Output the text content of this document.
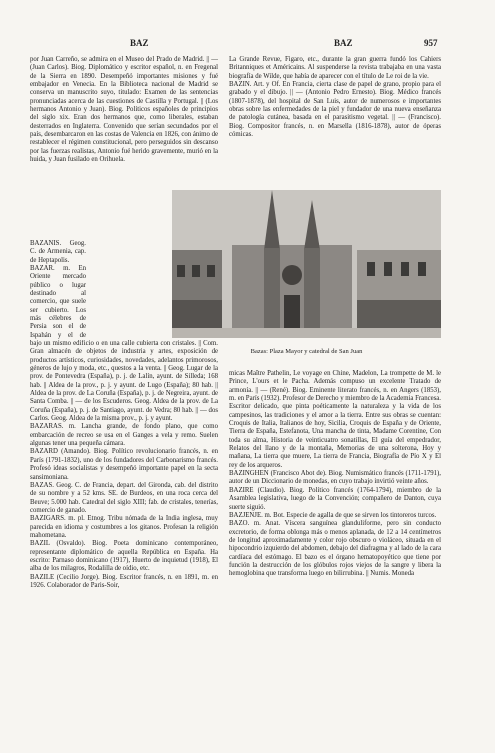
BAZ	BAZ	957

por Juan Carreño, se admira en el Museo del Prado de Madrid. || — (Juan Carlos). Biog. Diplomático y escritor español, n. en Fregenal de la Sierra en 1890. Desempeñó importantes misiones y fué embajador en Venecia. En la Biblioteca nacional de Madrid se conserva un manuscrito suyo, titulado: Examen de las sentencias pronunciadas acerca de las cuestiones de Castilla y Portugal. || (Los hermanos Antonio y Juan). Biog. Políticos españoles de principios del siglo xix. Eran dos hermanos que, como liberales, estaban desterrados en Inglaterra. Convenido que serían secundados por el país, desembarcaron en las costas de Valencia en 1826, con ánimo de restablecer el régimen constitucional, pero perseguidos sin descanso por las fuerzas realistas, Antonio fué herido gravemente, murió en la huida, y Juan fusilado en Orihuela.

La Grande Revue, Figaro, etc., durante la gran guerra fundó los Cahiers Britanniques et Américains. Al suspenderse la revista trabajaba en una vasta biografía de Wilde, que había de aparecer con el título de Le roi de la vie.

BAZIN. Art. y Of. En Francia, cierta clase de papel de grano, propio para el grabado y el dibujo. || — (Antonio Pedro Ernesto). Biog. Médico francés (1807-1878), del hospital de San Luis, autor de numerosos e importantes obras sobre las enfermedades de la piel y fundador de una nueva enseñanza de patología cutánea, basada en el parasitismo vegetal. || — (Francisco). Biog. Compositor francés, n. en Marsella (1816-1878), autor de óperas cómicas.

Bazas: Plaza Mayor y catedral de San Juan

BAZANIS. Geog. C. de Armenia, cap. de Heptapolis.

BAZAR. m. En Oriente mercado público o lugar destinado al comercio, que suele ser cubierto. Los más célebres de Persia son el de Ispahán y el de

bajo un mismo edificio o en una calle cubierta con cristales. || Com. Gran almacén de objetos de industria y artes, exposición de productos artísticos, curiosidades, novedades, adelantos primorosos, géneros de lujo y moda, etc., questos a la venta. || Geog. Lugar de la prov. de Pontevedra (España), p. j. de Lalín, ayunt. de Silleda; 168 hab. || Aldea de la prov., p. j. y ayunt. de Lugo (España); 80 hab. || Aldea de la prov. de La Coruña (España), p. j. de Negreira, ayunt. de Santa Comba. || — de los Escuderos. Geog. Aldea de la prov. de La Coruña (España), p. j. de Santiago, ayunt. de Vedra; 80 hab. || — dos Carlos. Geog. Aldea de la misma prov., p. j. y ayunt.

BAZARAS. m. Lancha grande, de fondo plano, que como embarcación de recreo se usa en el Ganges a vela y remo. Suelen algunas tener una pequeña cámara.

BAZARD (Amando). Biog. Político revolucionario francés, n. en París (1791-1832), uno de los fundadores del Carbonarismo francés. Profesó ideas socialistas y desempeñó importante papel en la secta sansimoniana.

BAZAS. Geog. C. de Francia, depart. del Gironda, cab. del distrito de su nombre y a 52 kms. SE. de Burdeos, en una roca cerca del Beuve; 5.000 hab. Catedral del siglo XIII; fab. de cristales, tenerías, comercio de ganado.

BAZIGARS. m. pl. Etnog. Tribu nómada de la India inglesa, muy parecida en idioma y costumbres a los gitanos. Profesan la religión mahometana.

BAZIL (Osvaldo). Biog. Poeta dominicano contemporáneo, representante diplomático de aquella República en España. Ha escrito: Parnaso dominicano (1917), Huerto de inquietud (1918), El alba de los milagros, Rodalilla de oídio, etc.

BAZILE (Cecilio Jorge). Biog. Escritor francés, n. en 1891, m. en 1926. Colaborador de Paris-Soir,

micas Maître Pathelin, Le voyage en Chine, Madelon, La trompette de M. le Prince, L'ours et le Pacha. Además compuso un excelente Tratado de armonía. || — (René). Biog. Eminente literato francés, n. en Angers (1853), m. en París (1932). Profesor de Derecho y miembro de la Academia Francesa. Escritor delicado, que pinta poéticamente la naturaleza y la vida de los campesinos, las tradiciones y el amor a la tierra. Entre sus obras se cuentan: Croquis de Italia, Italianos de hoy, Sicilia, Croquis de España y de Oriente, Tierra de España, Estefanota, Una mancha de tinta, Madame Corentine, Con toda su alma, Historia de veinticuatro sonatillas, El guía del empedrador, Relatos del llano y de la montaña, Memorias de una solterona, Hoy y mañana, La tierra que muere, La tierra de Francia, Biografía de Pío X y El rey de los arqueros.

BAZINGHEN (Francisco Abot de). Biog. Numismático francés (1711-1791), autor de un Diccionario de monedas, en cuyo trabajo invirtió veinte años.

BAZIRE (Claudio). Biog. Político francés (1764-1794), miembro de la Asamblea legislativa, luego de la Convención; compañero de Danton, cuya suerte siguió.

BAZJENJE. m. Bot. Especie de agalla de que se sirven los tintoreros turcos.

BAZO. m. Anat. Víscera sanguínea glanduliforme, pero sin conducto excretorio, de forma oblonga más o menos aplanada, de 12 a 14 centímetros de longitud aproximadamente y color rojo obscuro o violáceo, situada en el hipocondrio izquierdo del abdomen, debajo del diafragma y al lado de la cara cardíaca del estómago. El bazo es el órgano hematopoyético que tiene por función la destrucción de los glóbulos rojos viejos de la sangre y libera la hemoglobina que transforma luego en bilirrubina. || Numis. Moneda
